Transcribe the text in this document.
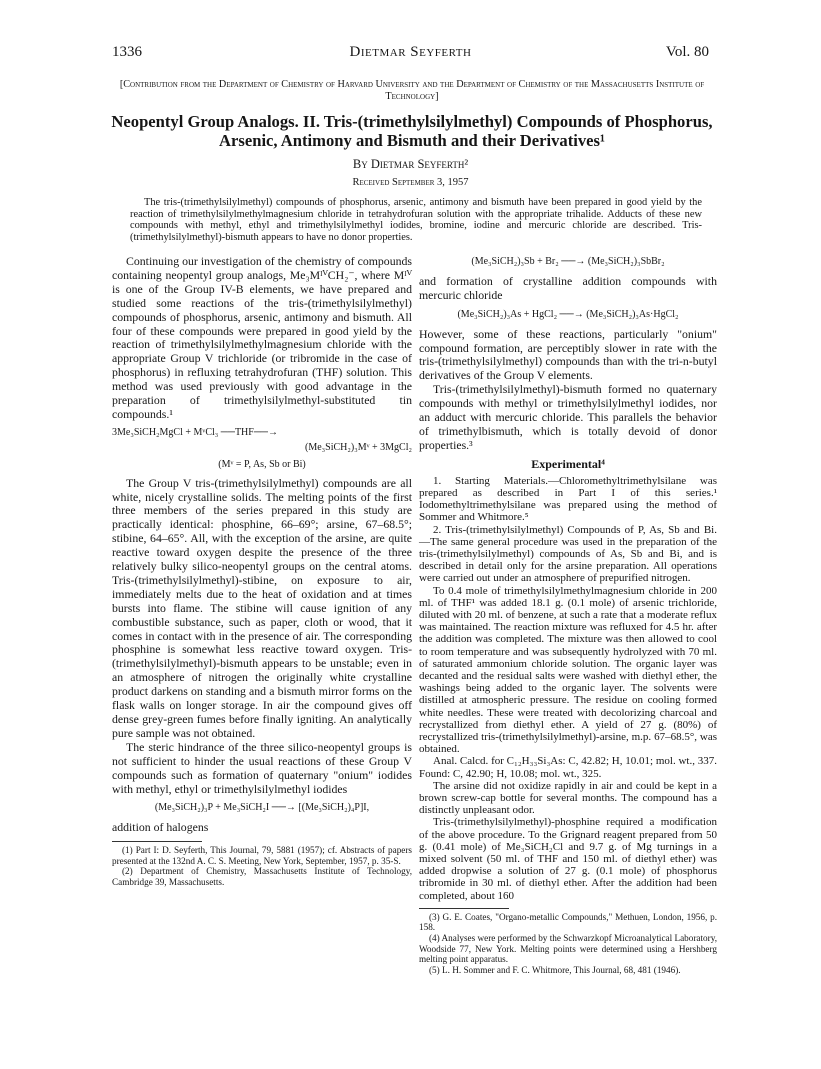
1336	Dietmar Seyferth	Vol. 80
[Contribution from the Department of Chemistry of Harvard University and the Department of Chemistry of the Massachusetts Institute of Technology]
Neopentyl Group Analogs. II. Tris-(trimethylsilylmethyl) Compounds of Phosphorus, Arsenic, Antimony and Bismuth and their Derivatives¹
By Dietmar Seyferth²
Received September 3, 1957
The tris-(trimethylsilylmethyl) compounds of phosphorus, arsenic, antimony and bismuth have been prepared in good yield by the reaction of trimethylsilylmethylmagnesium chloride in tetrahydrofuran solution with the appropriate trihalide. Adducts of these new compounds with methyl, ethyl and trimethylsilylmethyl iodides, bromine, iodine and mercuric chloride are described. Tris-(trimethylsilylmethyl)-bismuth appears to have no donor properties.

Continuing our investigation of the chemistry of compounds containing neopentyl group analogs, Me₃MᴵⱽCH₂⁻, where Mᴵⱽ is one of the Group IV-B elements, we have prepared and studied some reactions of the tris-(trimethylsilylmethyl) compounds of phosphorus, arsenic, antimony and bismuth. All four of these compounds were prepared in good yield by the reaction of trimethylsilylmethylmagnesium chloride with the appropriate Group V trichloride (or tribromide in the case of phosphorus) in refluxing tetrahydrofuran (THF) solution. This method was used previously with good advantage in the preparation of trimethylsilylmethyl-substituted tin compounds.¹

3Me₃SiCH₂MgCl + MᵛCl₃ ──THF──→
(Me₃SiCH₂)₃Mᵛ + 3MgCl₂
(Mᵛ = P, As, Sb or Bi)

The Group V tris-(trimethylsilylmethyl) compounds are all white, nicely crystalline solids. The melting points of the first three members of the series prepared in this study are practically identical: phosphine, 66–69°; arsine, 67–68.5°; stibine, 64–65°. All, with the exception of the arsine, are quite reactive toward oxygen despite the presence of the three relatively bulky silico-neopentyl groups on the central atoms. Tris-(trimethylsilylmethyl)-stibine, on exposure to air, immediately melts due to the heat of oxidation and at times bursts into flame. The stibine will cause ignition of any combustible substance, such as paper, cloth or wood, that it comes in contact with in the presence of air. The corresponding phosphine is somewhat less reactive toward oxygen. Tris-(trimethylsilylmethyl)-bismuth appears to be unstable; even in an atmosphere of nitrogen the originally white crystalline product darkens on standing and a bismuth mirror forms on the flask walls on longer storage. In air the compound gives off dense grey-green fumes before finally igniting. An analytically pure sample was not obtained.

The steric hindrance of the three silico-neopentyl groups is not sufficient to hinder the usual reactions of these Group V compounds such as formation of quaternary "onium" iodides with methyl, ethyl or trimethylsilylmethyl iodides

(Me₃SiCH₂)₃P + Me₃SiCH₂I ──→ [(Me₃SiCH₂)₄P]I,

addition of halogens

(1) Part I: D. Seyferth, This Journal, 79, 5881 (1957); cf. Abstracts of papers presented at the 132nd A. C. S. Meeting, New York, September, 1957, p. 35-S.

(2) Department of Chemistry, Massachusetts Institute of Technology, Cambridge 39, Massachusetts.

(Me₃SiCH₂)₃Sb + Br₂ ──→ (Me₃SiCH₂)₃SbBr₂

and formation of crystalline addition compounds with mercuric chloride

(Me₃SiCH₂)₃As + HgCl₂ ──→ (Me₃SiCH₂)₃As·HgCl₂

However, some of these reactions, particularly "onium" compound formation, are perceptibly slower in rate with the tris-(trimethylsilylmethyl) compounds than with the tri-n-butyl derivatives of the Group V elements.

Tris-(trimethylsilylmethyl)-bismuth formed no quaternary compounds with methyl or trimethylsilylmethyl iodides, nor an adduct with mercuric chloride. This parallels the behavior of trimethylbismuth, which is totally devoid of donor properties.³

Experimental⁴

1. Starting Materials.—Chloromethyltrimethylsilane was prepared as described in Part I of this series.¹ Iodomethyltrimethylsilane was prepared using the method of Sommer and Whitmore.⁵

2. Tris-(trimethylsilylmethyl) Compounds of P, As, Sb and Bi.—The same general procedure was used in the preparation of the tris-(trimethylsilylmethyl) compounds of As, Sb and Bi, and is described in detail only for the arsine preparation. All operations were carried out under an atmosphere of prepurified nitrogen.

To 0.4 mole of trimethylsilylmethylmagnesium chloride in 200 ml. of THF¹ was added 18.1 g. (0.1 mole) of arsenic trichloride, diluted with 20 ml. of benzene, at such a rate that a moderate reflux was maintained. The reaction mixture was refluxed for 4.5 hr. after the addition was completed. The mixture was then allowed to cool to room temperature and was subsequently hydrolyzed with 70 ml. of saturated ammonium chloride solution. The organic layer was decanted and the residual salts were washed with diethyl ether, the washings being added to the organic layer. The solvents were distilled at atmospheric pressure. The residue on cooling formed white needles. These were treated with decolorizing charcoal and recrystallized from diethyl ether. A yield of 27 g. (80%) of recrystallized tris-(trimethylsilylmethyl)-arsine, m.p. 67–68.5°, was obtained.

Anal. Calcd. for C₁₂H₃₃Si₃As: C, 42.82; H, 10.01; mol. wt., 337. Found: C, 42.90; H, 10.08; mol. wt., 325.

The arsine did not oxidize rapidly in air and could be kept in a brown screw-cap bottle for several months. The compound has a distinctly unpleasant odor.

Tris-(trimethylsilylmethyl)-phosphine required a modification of the above procedure. To the Grignard reagent prepared from 50 g. (0.41 mole) of Me₃SiCH₂Cl and 9.7 g. of Mg turnings in a mixed solvent (50 ml. of THF and 150 ml. of diethyl ether) was added dropwise a solution of 27 g. (0.1 mole) of phosphorus tribromide in 30 ml. of diethyl ether. After the addition had been completed, about 160

(3) G. E. Coates, "Organo-metallic Compounds," Methuen, London, 1956, p. 158.

(4) Analyses were performed by the Schwarzkopf Microanalytical Laboratory, Woodside 77, New York. Melting points were determined using a Hershberg melting point apparatus.

(5) L. H. Sommer and F. C. Whitmore, This Journal, 68, 481 (1946).
